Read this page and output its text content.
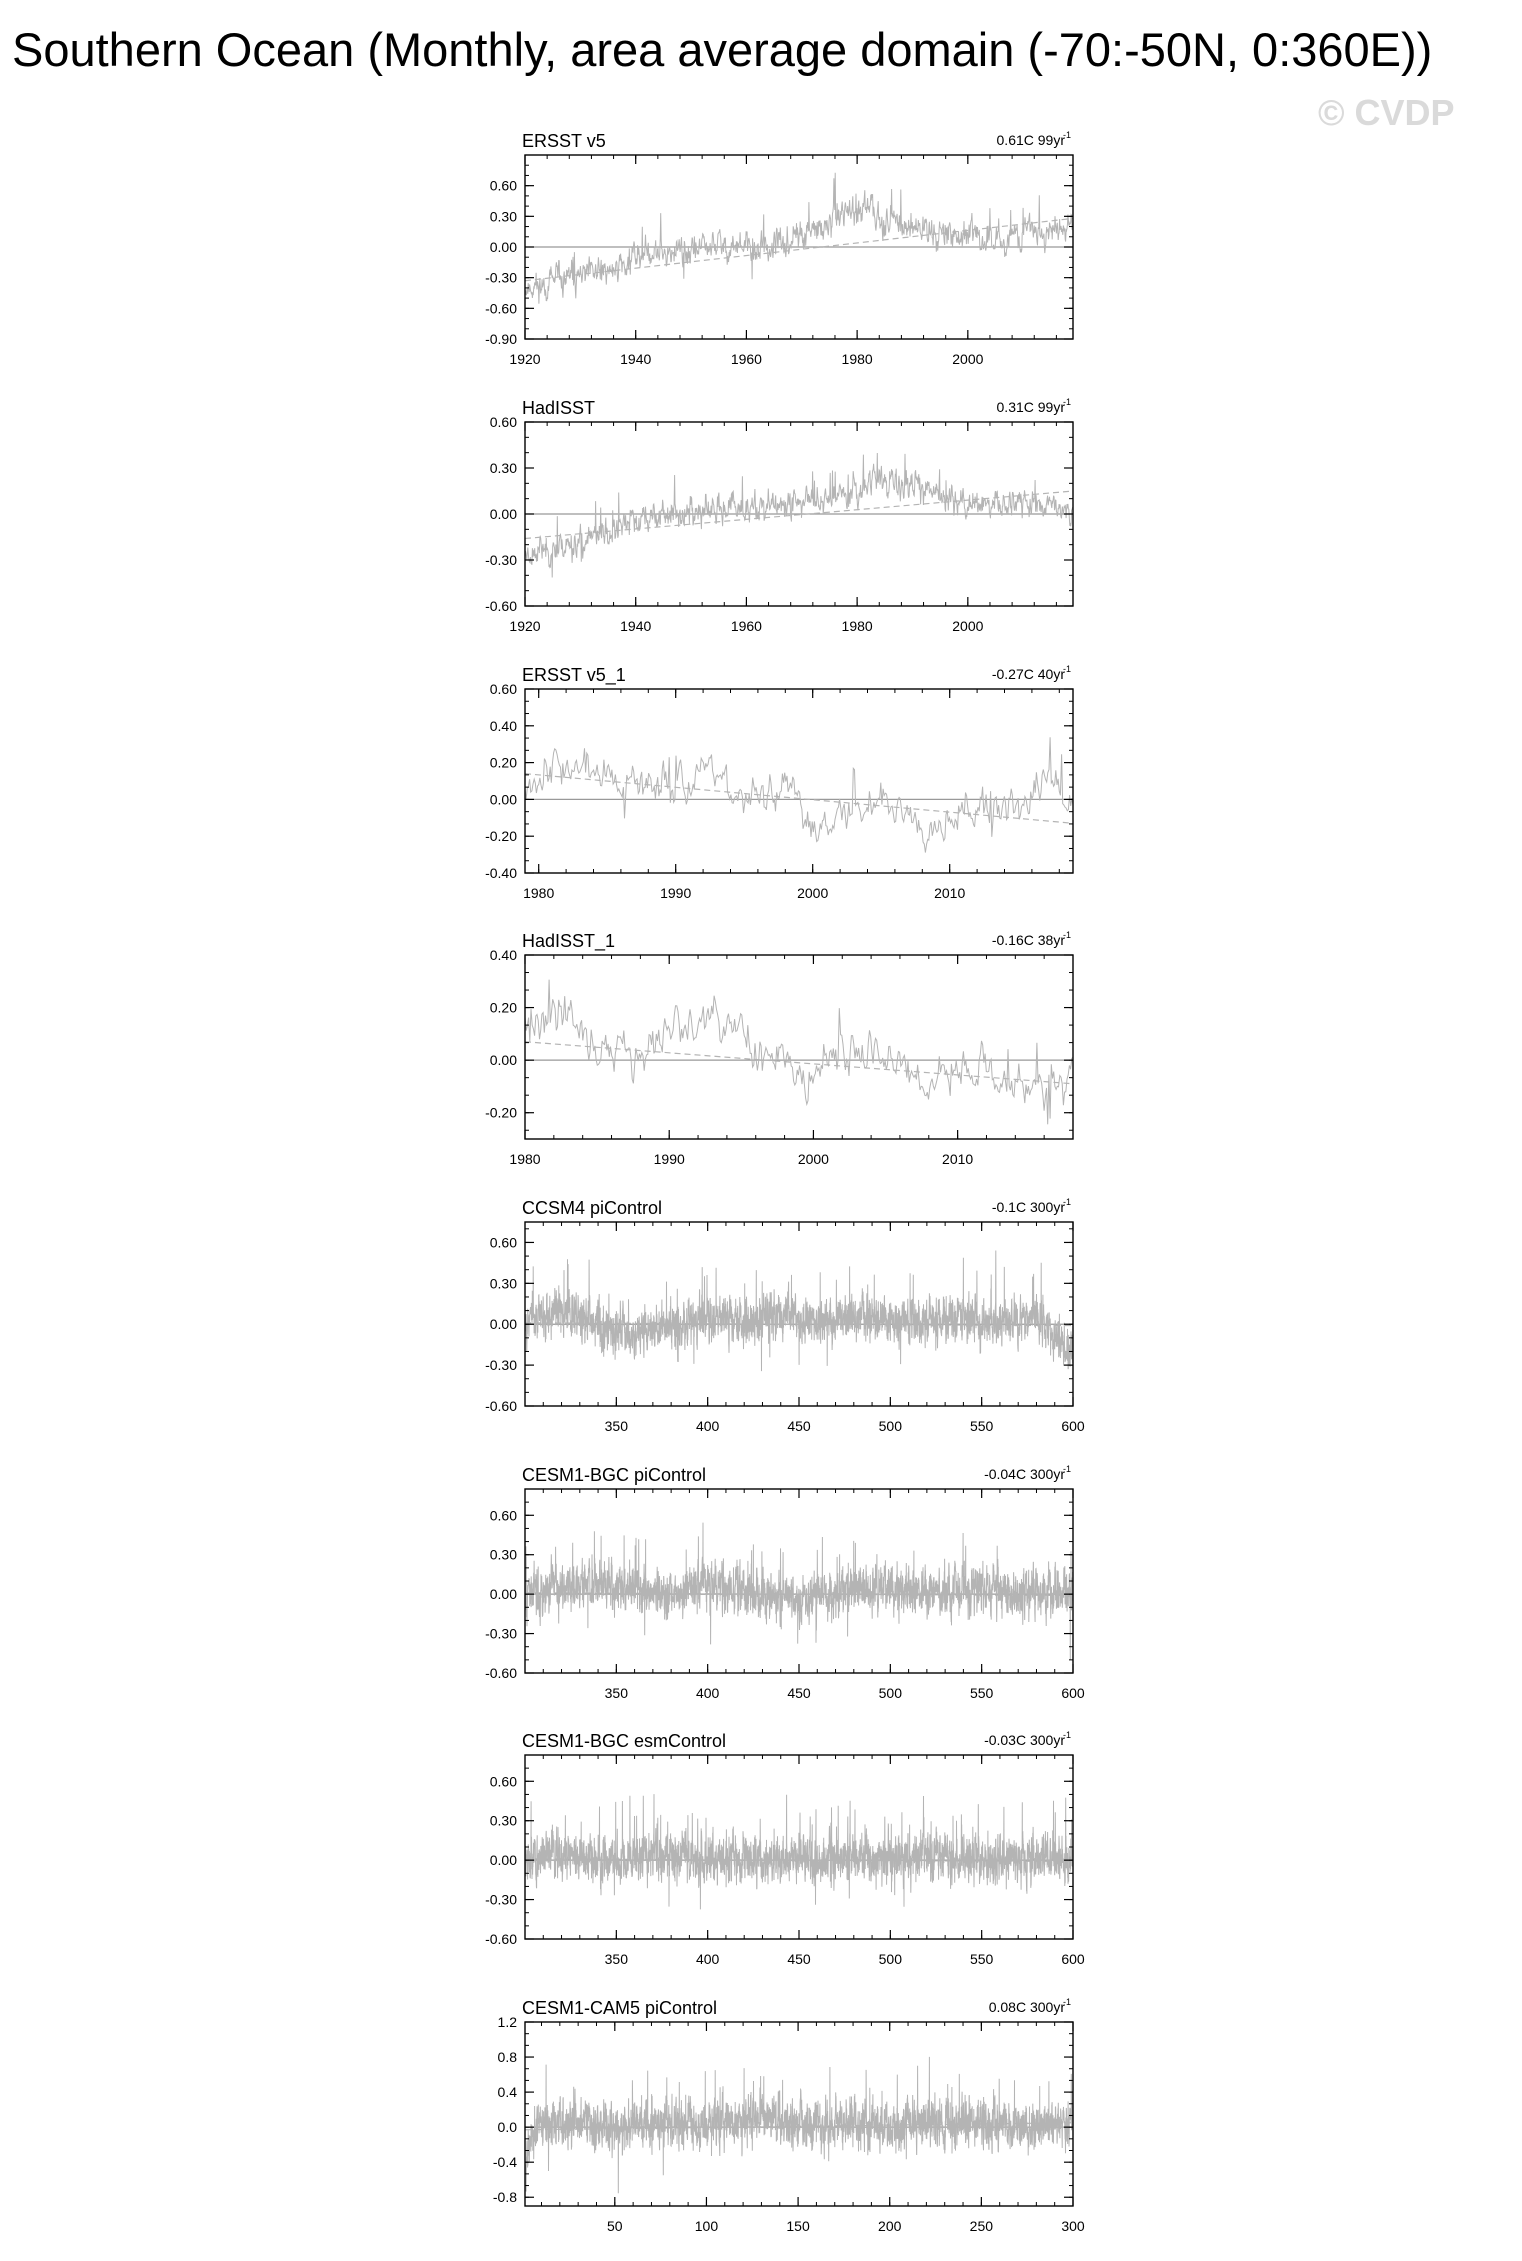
Southern Ocean (Monthly, area average domain (-70:-50N, 0:360E))
© CVDP
ERSST v5	0.61C 99yr
-1
1920	1940	1960	1980	2000
-0.90
-0.60
-0.30
0.00
0.30
0.60
HadISST	0.31C 99yr
-1
1920	1940	1960	1980	2000
-0.60
-0.30
0.00
0.30
0.60
ERSST v5_1	-0.27C 40yr
-1
1980	1990	2000	2010
-0.40
-0.20
0.00
0.20
0.40
0.60
HadISST_1	-0.16C 38yr
-1
1980	1990	2000	2010
-0.20
0.00
0.20
0.40
CCSM4 piControl	-0.1C 300yr
-1
350	400	450	500	550	600
-0.60
-0.30
0.00
0.30
0.60
CESM1-BGC piControl	-0.04C 300yr
-1
350	400	450	500	550	600
-0.60
-0.30
0.00
0.30
0.60
CESM1-BGC esmControl	-0.03C 300yr
-1
350	400	450	500	550	600
-0.60
-0.30
0.00
0.30
0.60
CESM1-CAM5 piControl	0.08C 300yr
-1
50	100	150	200	250	300
-0.8
-0.4
0.0
0.4
0.8
1.2
